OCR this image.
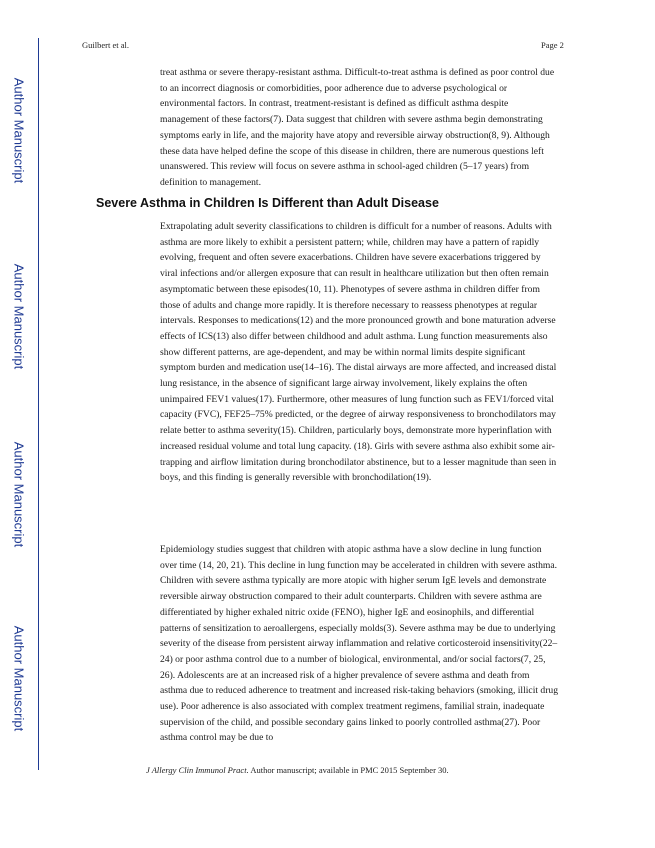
Author Manuscript
Author Manuscript
Author Manuscript
Author Manuscript
Guilbert et al.	Page 2

treat asthma or severe therapy-resistant asthma. Difficult-to-treat asthma is defined as poor control due to an incorrect diagnosis or comorbidities, poor adherence due to adverse psychological or environmental factors. In contrast, treatment-resistant is defined as difficult asthma despite management of these factors(7). Data suggest that children with severe asthma begin demonstrating symptoms early in life, and the majority have atopy and reversible airway obstruction(8, 9). Although these data have helped define the scope of this disease in children, there are numerous questions left unanswered. This review will focus on severe asthma in school-aged children (5–17 years) from definition to management.

Severe Asthma in Children Is Different than Adult Disease

Extrapolating adult severity classifications to children is difficult for a number of reasons. Adults with asthma are more likely to exhibit a persistent pattern; while, children may have a pattern of rapidly evolving, frequent and often severe exacerbations. Children have severe exacerbations triggered by viral infections and/or allergen exposure that can result in healthcare utilization but then often remain asymptomatic between these episodes(10, 11). Phenotypes of severe asthma in children differ from those of adults and change more rapidly. It is therefore necessary to reassess phenotypes at regular intervals. Responses to medications(12) and the more pronounced growth and bone maturation adverse effects of ICS(13) also differ between childhood and adult asthma. Lung function measurements also show different patterns, are age-dependent, and may be within normal limits despite significant symptom burden and medication use(14–16). The distal airways are more affected, and increased distal lung resistance, in the absence of significant large airway involvement, likely explains the often unimpaired FEV1 values(17). Furthermore, other measures of lung function such as FEV1/forced vital capacity (FVC), FEF25–75% predicted, or the degree of airway responsiveness to bronchodilators may relate better to asthma severity(15). Children, particularly boys, demonstrate more hyperinflation with increased residual volume and total lung capacity. (18). Girls with severe asthma also exhibit some air-trapping and airflow limitation during bronchodilator abstinence, but to a lesser magnitude than seen in boys, and this finding is generally reversible with bronchodilation(19).

Epidemiology studies suggest that children with atopic asthma have a slow decline in lung function over time (14, 20, 21). This decline in lung function may be accelerated in children with severe asthma. Children with severe asthma typically are more atopic with higher serum IgE levels and demonstrate reversible airway obstruction compared to their adult counterparts. Children with severe asthma are differentiated by higher exhaled nitric oxide (FENO), higher IgE and eosinophils, and differential patterns of sensitization to aeroallergens, especially molds(3). Severe asthma may be due to underlying severity of the disease from persistent airway inflammation and relative corticosteroid insensitivity(22–24) or poor asthma control due to a number of biological, environmental, and/or social factors(7, 25, 26). Adolescents are at an increased risk of a higher prevalence of severe asthma and death from asthma due to reduced adherence to treatment and increased risk-taking behaviors (smoking, illicit drug use). Poor adherence is also associated with complex treatment regimens, familial strain, inadequate supervision of the child, and possible secondary gains linked to poorly controlled asthma(27). Poor asthma control may be due to

J Allergy Clin Immunol Pract. Author manuscript; available in PMC 2015 September 30.
